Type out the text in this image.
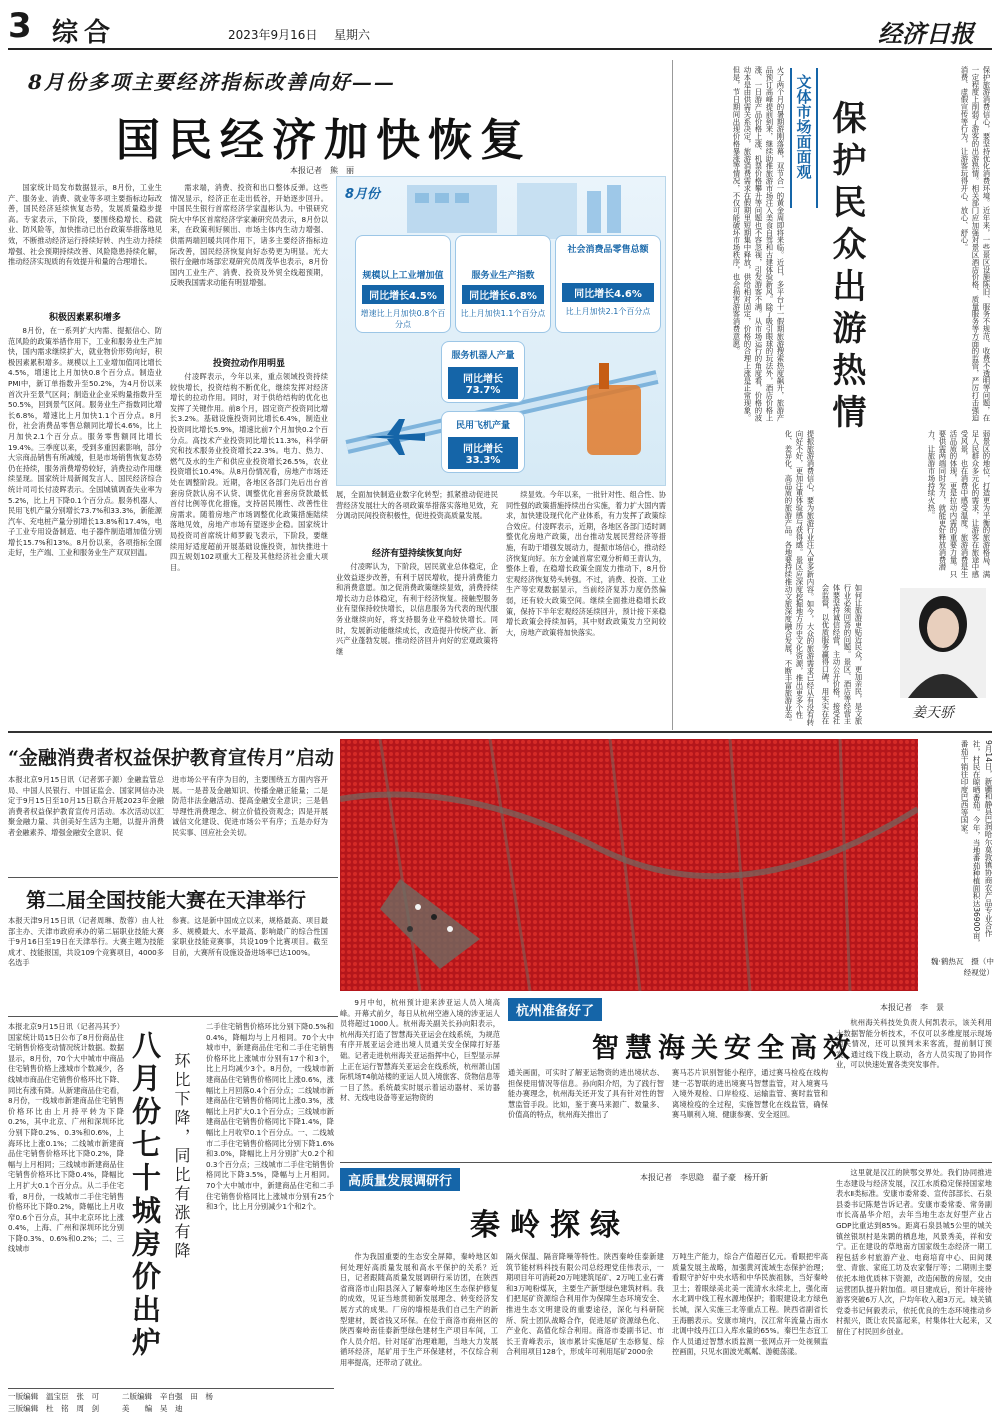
3 综合	2023年9月16日 星期六	经济日报
8月份多项主要经济指标改善向好——
国民经济加快恢复
本报记者　熊　丽
国家统计局发布数据显示，8月份，工业生产、服务业、消费、就业等多项主要指标边际改善，国民经济延续恢复态势，发展质量稳步提高。专家表示，下阶段，要围绕稳增长、稳就业、防风险等，加快推动已出台政策举措落地见效，不断推动经济运行持续好转、内生动力持续增强、社会预期持续改善、风险隐患持续化解，推动经济实现质的有效提升和量的合理增长。
积极因素累积增多
8月份，在一系列扩大内需、提振信心、防范风险的政策举措作用下，工业和服务业生产加快，国内需求继续扩大，就业物价形势向好，积极因素累积增多。规模以上工业增加值同比增长4.5%，增速比上月加快0.8个百分点。制造业PMI中，新订单指数升至50.2%，为4月份以来首次升至景气区间；制造业企业采购量指数升至50.5%，回到景气区间。服务业生产指数同比增长6.8%，增速比上月加快1.1个百分点。8月份，社会消费品零售总额同比增长4.6%，比上月加快2.1个百分点。服务零售额同比增长19.4%。三季度以来，受到多重因素影响，部分大宗商品销售有所减缓，但是市场销售恢复态势仍在持续，服务消费增势较好，消费拉动作用继续显现。国家统计局新闻发言人、国民经济综合统计司司长付凌晖表示。全国城镇调查失业率为5.2%，比上月下降0.1个百分点。服务机器人、民用飞机产量分别增长73.7%和33.3%，新能源汽车、充电桩产量分别增长13.8%和17.4%，电子工业专用设备制造、电子器件制造增加值分别增长15.7%和13%。8月份以来，各项指标全面走好，生产端、工业和服务业生产双双回温。
需求端，消费、投资和出口整体反弹。这些情况显示，经济正在走出低谷，开始逐步回升。中国民生银行首席经济学家温彬认为。中银研究院大中华区首席经济学家兼研究员表示，8月份以来，在政策利好频出、市场主体内生动力增强、供需两端回暖共同作用下，诸多主要经济指标边际改善，国民经济恢复向好态势更为明显。光大银行金融市场部宏观研究员周茂华也表示，8月份国内工业生产、消费、投资及外贸全线超预期，反映我国需求动能有明显增强。
投资拉动作用明显
付凌晖表示，今年以来，重点领域投资持续较快增长，投资结构不断优化，继续发挥对经济增长的拉动作用。同时，对于供给结构的优化也发挥了关键作用。前8个月，固定资产投资同比增长3.2%。基础设施投资同比增长6.4%，制造业投资同比增长5.9%，增速比前7个月加快0.2个百分点。高技术产业投资同比增长11.3%，科学研究和技术服务业投资增长22.3%。电力、热力、燃气及水的生产和供应业投资增长26.5%，农业投资增长10.4%。从8月份情况看，房地产市场还处在调整阶段。近期，各地区各部门先后出台首套房贷款认房不认贷、调整优化首套房贷款最低首付比例等优化措施，支持居民刚性、改善性住房需求。随着房地产市场调整优化政策措施陆续落地见效，房地产市场有望逐步企稳。国家统计局投资司首席统计师罗毅飞表示，下阶段，要继续用好适度超前开展基础设施投资，加快推进十四五规划102项重大工程及其他经济社会重大项目。
8月份
规模以上工业增加值
同比增长4.5%
增速比上月加快0.8个百分点
服务业生产指数
同比增长6.8%
比上月加快1.1个百分点
社会消费品零售总额
同比增长4.6%
比上月加快2.1个百分点
服务机器人产量
同比增长73.7%
民用飞机产量
同比增长33.3%
展，全面加快制造业数字化转型；抓紧推动促进民营经济发展壮大的各项政策举措落实落地见效，充分调动民间投资积极性，促进投资高质量发展。
经济有望持续恢复向好
付凌晖认为，下阶段，居民就业总体稳定，企业效益逐步改善，有利于居民增收，提升消费能力和消费意愿。加之促消费政策继续显效，消费持续增长动力总体稳定，有利于经济恢复。接触型服务业有望保持较快增长，以信息服务为代表的现代服务业继续向好，将支持服务业平稳较快增长。同时，发展新动能继续成长，改造提升传统产业、新兴产业蓬勃发展。推动经济回升向好的宏观政策将继
续显效。今年以来，一批针对性、组合性、协同性强的政策措施持续出台实施，着力扩大国内需求，加快建设现代化产业体系，有力发挥了政策综合效应。付凌晖表示，近期，各地区各部门适时调整优化房地产政策，出台推动发展民营经济等措施，有助于增强发展动力，提振市场信心，推动经济恢复向好。东方金诚首席宏观分析师王青认为，整体上看，在稳增长政策全面发力推动下，8月份宏观经济恢复势头转强。不过，消费、投资、工业生产等宏观数据显示，当前经济复苏力度仍然偏弱，还有较大政策空间。继续全面推进稳增长政策，保持下半年宏观经济延续回升，预计接下来稳增长政策会持续加码，其中财政政策发力空间较大，房地产政策将加快落实。
火了两个月的暑期游刚落幕，双节合一的黄金周即将来临。近日，多平台十一假期旅游搜索热度飙升，旅游产品预订高峰提前到来，继续助推旅游市场注入美食自驾和古建体验新风。除了吸引眼球的玩法外，酒店价格上涨、一日游产品价格上涨、机票价格攀升等问题也不容忽视，引发游客不满。从市场运行的角度看，价格的波动本是由供需关系决定，旅游消费需求在假期里短期集中释放，供给相对固定，价格的合理上涨是正常现象。但是，节日期间出现价格暴涨等情况，不仅可能破坏市场秩序，也会损害游客消费意愿。	文体市场面面观 保护民众出游热情	保护旅游消费信心，要坚持优化消费环境。近年来，一些景区设施陈旧、服务不规范、收费不透明等问题，在一定程度上削弱了游客的出游热情。相关部门应加强对景区酒店价格、质量服务等方面的监管，严厉打击强迫消费、虚假宣传等行为，让游客玩得开心、放心、舒心。
提振旅游消费信心，要为旅游行业注入更多新内容。如今，大众的旅游需求已经从有没有转向好不好，更加注重体验感与获得感。景区应深度挖掘地方历史文化资源，推出更多个性化、差异化、高品质的旅游产品。各地要持续推动文旅深度融合发展，不断丰富旅游业态。	弱景区的地位，打造更为平衡的旅游格局，满足人民群众多元化的需求，让游客在旅途中感受风景，也在消费中感受温度。旅游消费是生活品质的体现，更是拉动内需的重要力量。只要供需两端同时发力，就能更好释放消费潜力，让旅游市场持续火热。
如何让旅游更贴近民众，更加亲民，是文旅行业必须回答的问题。景区、酒店等经营主体要坚持诚信经营，主动公开价格，接受社会监督，以优质服务赢得口碑，用实实在在	姜天骄
“金融消费者权益保护教育宣传月”启动
本报北京9月15日讯（记者郭子源）金融监管总局、中国人民银行、中国证监会、国家网信办决定于9月15日至10月15日联合开展2023年金融消费者权益保护教育宣传月活动。本次活动以汇聚金融力量、共创美好生活为主题，以提升消费者金融素养、增强金融安全意识、促
进市场公平有序为目的，主要围绕五方面内容开展。一是普及金融知识、传播金融正能量；二是防范非法金融活动、提高金融安全意识；三是倡导理性消费理念、树立价值投资观念；四是开展诚信文化建设、促进市场公平有序；五是办好为民实事、回应社会关切。
第二届全国技能大赛在天津举行
本报天津9月15日讯（记者周琳、敖蓉）由人社部主办、天津市政府承办的第二届职业技能大赛于9月16日至19日在天津举行。大赛主题为技能成才、技能报国，共设109个竞赛项目，4000多名选手
参赛。这是新中国成立以来，规格最高、项目最多、规模最大、水平最高、影响最广的综合性国家职业技能竞赛事，共设109个比赛项目。截至目前，大赛所有设施设备进场率已达100%。
本报北京9月15日讯（记者冯其予）国家统计局15日公布了8月份商品住宅销售价格变动情况统计数据。数据显示，8月份，70个大中城市中商品住宅销售价格上涨城市个数减少，各线城市商品住宅销售价格环比下降、同比有涨有降。从新建商品住宅看，8月份，一线城市新建商品住宅销售价格环比由上月持平转为下降0.2%，其中北京、广州和深圳环比分别下降0.2%、0.3%和0.6%，上海环比上涨0.1%；二线城市新建商品住宅销售价格环比下降0.2%，降幅与上月相同；三线城市新建商品住宅销售价格环比下降0.4%，降幅比上月扩大0.1个百分点。从二手住宅看，8月份，一线城市二手住宅销售价格环比下降0.2%，降幅比上月收窄0.6个百分点，其中北京环比上涨0.4%，上海、广州和深圳环比分别下降0.3%、0.6%和0.2%；二、三线城市	八月份七十城房价出炉 环比下降，同比有涨有降
二手住宅销售价格环比分别下降0.5%和0.4%，降幅均与上月相同。70个大中城市中，新建商品住宅和二手住宅销售价格环比上涨城市分别有17个和3个，比上月均减少3个。8月份，一线城市新建商品住宅销售价格同比上涨0.6%，涨幅比上月回落0.4个百分点；二线城市新建商品住宅销售价格同比上涨0.3%，涨幅比上月扩大0.1个百分点；三线城市新建商品住宅销售价格同比下降1.4%，降幅比上月收窄0.1个百分点。一、二线城市二手住宅销售价格同比分别下降1.6%和3.0%，降幅比上月分别扩大0.2个和0.3个百分点；三线城市二手住宅销售价格同比下降3.5%，降幅与上月相同。70个大中城市中，新建商品住宅和二手住宅销售价格同比上涨城市分别有25个和3个，比上月分别减少1个和2个。
9月14日，新疆和静县巴润哈尔莫敦镇协商农产品专业合作社，村民在晾晒番茄。今年，当地番茄种植面积达36900亩，番茄干销往印度巴西等国家。
魏·鹤热瓦　摄（中经视觉）
9月中旬，杭州预计迎来涉亚运人员入境高峰。开幕式前夕，每日从杭州空港入境的涉亚运人员将超过1000人。杭州海关副关长孙向阳表示，杭州海关打造了智慧海关亚运会在线系统，为规范有序开展亚运会进出境人员通关安全保障打好基础。记者走进杭州海关亚运指挥中心，巨型显示屏上正在运行智慧海关亚运会在线系统，杭州萧山国际机场T4航站楼的亚运人员入境旅客、货物信息等一目了然。系统最实时展示着运动器材、采访器材、无线电设备等亚运物资的
杭州准备好了	本报记者　李　景
智慧海关安全高效
通关画面，可实时了解亚运物资的进出境状态、担保使用情况等信息。孙向阳介绍，为了践行智能办赛理念，杭州海关还开发了具有针对性的智慧监管手段。比如，鉴于赛马来源广、数量多、价值高的特点，杭州海关推出了
赛马芯片识别智能小程序，通过赛马检疫在线构建一芯智联的进出境赛马智慧监管，对入境赛马入境外观检、口岸检疫、运输监管、赛时监管和离境检疫的全过程，实施智慧化在线监管，确保赛马顺利入境、健康参赛、安全返回。
杭州海关科技处负责人何凯表示，该关利用大数据智能分析技术，不仅可以多维度展示现场通关情况，还可以预判未来客流，提前制订预案。通过线下线上联动，各方人员实现了协同作业，可以快速处置各类突发事件。
高质量发展调研行	本报记者　李思隐　翟子豪　杨开新
秦岭探绿
作为我国重要的生态安全屏障，秦岭地区如何处理好高质量发展和高水平保护的关系？近日，记者跟随高质量发展调研行采访团，在陕西省商洛市山阳县深入了解秦岭地区生态保护修复的成效，见证当地贯彻新发展理念、转变经济发展方式的成果。厂房的墙根是我们自己生产的新型建材，既省钱又环保。在位于商洛市商州区的陕西秦岭南佳泰新型绿色建材生产项目车间，工作人员介绍。针对尾矿治理难题，当地大力发展循环经济，尾矿用于生产环保建材，不仅综合利用率提高，还带动了就业。
隔火保温、隔音降噪等特性。陕西秦岭佳泰新建筑节能材料科技有限公司总经理党佳伟表示，一期项目年可消耗20万吨建筑尾矿、2万吨工业石膏和3万吨粉煤灰，主要生产新型绿色建筑材料。我们把尾矿资源综合利用作为保障生态环境安全、推进生态文明建设的重要途径，深化与科研院所、院士团队战略合作，促进尾矿资源绿色化、产业化、高值化综合利用。商洛市委副书记、市长王青峰表示，该市累计实施尾矿生态修复、综合利用项目128个，形成年可利用尾矿2000余
万吨生产能力，综合产值超百亿元。看眼把牢高质量发展主战略，加强黄河流域生态保护治理；看眼守护好中央水塔和中华民族祖脉，当好秦岭卫士；着眼绿美北美一流清水永续北上，强化南水北调中线工程水源地保护；着眼建设北方绿色长城，深入实施三北等重点工程。陕西省副省长王海鹏表示。安康市境内，汉江常年流量占南水北调中线丹江口入库水量的65%。秦巴生态宜工作人员通过智慧水质监测一张网点开一处视频监控画面，只见水面波光粼粼、游艇荡漾。
这里就是汉江的陕鄂交界处。我们协同推进生态建设与经济发展，汉江水质稳定保持国家地表水Ⅱ类标准。安康市委常委、宣传部部长、石泉县委书记陈楚告诉记者。安康市委常委、常务副市长高晶华介绍，去年当地生态友好型产业占GDP比重达到85%。距离石泉县城5公里的城关镇丝银坝村是朱鹮的栖息地，风景秀美，祥和安宁。正在建设的草地南方国家级生态经济一期工程包括乡村旅游产业、电商培育中心、田间课堂、青旅、家庭工坊及农家餐厅等；二期则主要依托本地优质林下资源，改造闲散的房屋，交由运营团队提升附加值。项目建成后，预计年接待游客突破6万人次，户均年收入超3万元。城关镇党委书记何毅表示，依托优良的生态环境推动乡村振兴，既让农民富起来，村集体壮大起来，又留住了村民回乡创业。
一版编辑　温宝臣　张　可　　　二版编辑　辛自强　田　杨
三版编辑　杜　铭　周　剑　　　美　　编　吴　迪
